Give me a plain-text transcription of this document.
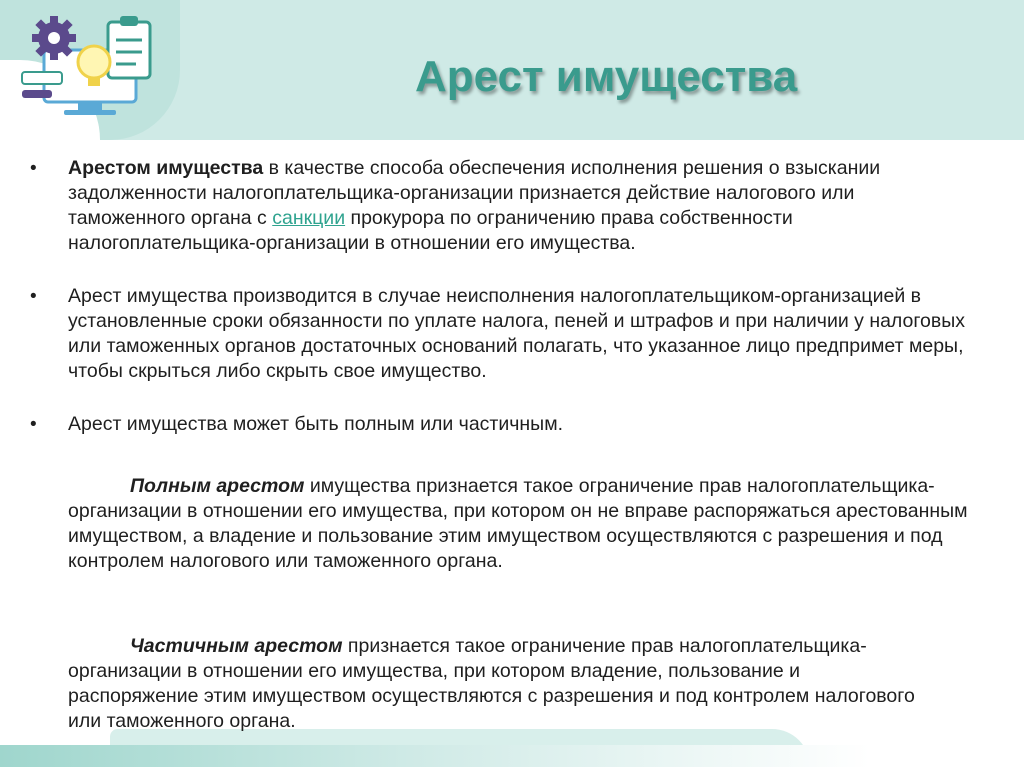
Арест имущества
• Арестом имущества в качестве способа обеспечения исполнения решения о взыскании задолженности налогоплательщика-организации признается действие налогового или таможенного органа с санкции прокурора по ограничению права собственности налогоплательщика-организации в отношении его имущества.

• Арест имущества производится в случае неисполнения налогоплательщиком-организацией в установленные сроки обязанности по уплате налога, пеней и штрафов и при наличии у налоговых или таможенных органов достаточных оснований полагать, что указанное лицо предпримет меры, чтобы скрыться либо скрыть свое имущество.

• Арест имущества может быть полным или частичным.

Полным арестом имущества признается такое ограничение прав налогоплательщика-организации в отношении его имущества, при котором он не вправе распоряжаться арестованным имуществом, а владение и пользование этим имуществом осуществляются с разрешения и под контролем налогового или таможенного органа.

Частичным арестом признается такое ограничение прав налогоплательщика-организации в отношении его имущества, при котором владение, пользование и распоряжение этим имуществом осуществляются с разрешения и под контролем налогового или таможенного органа.
